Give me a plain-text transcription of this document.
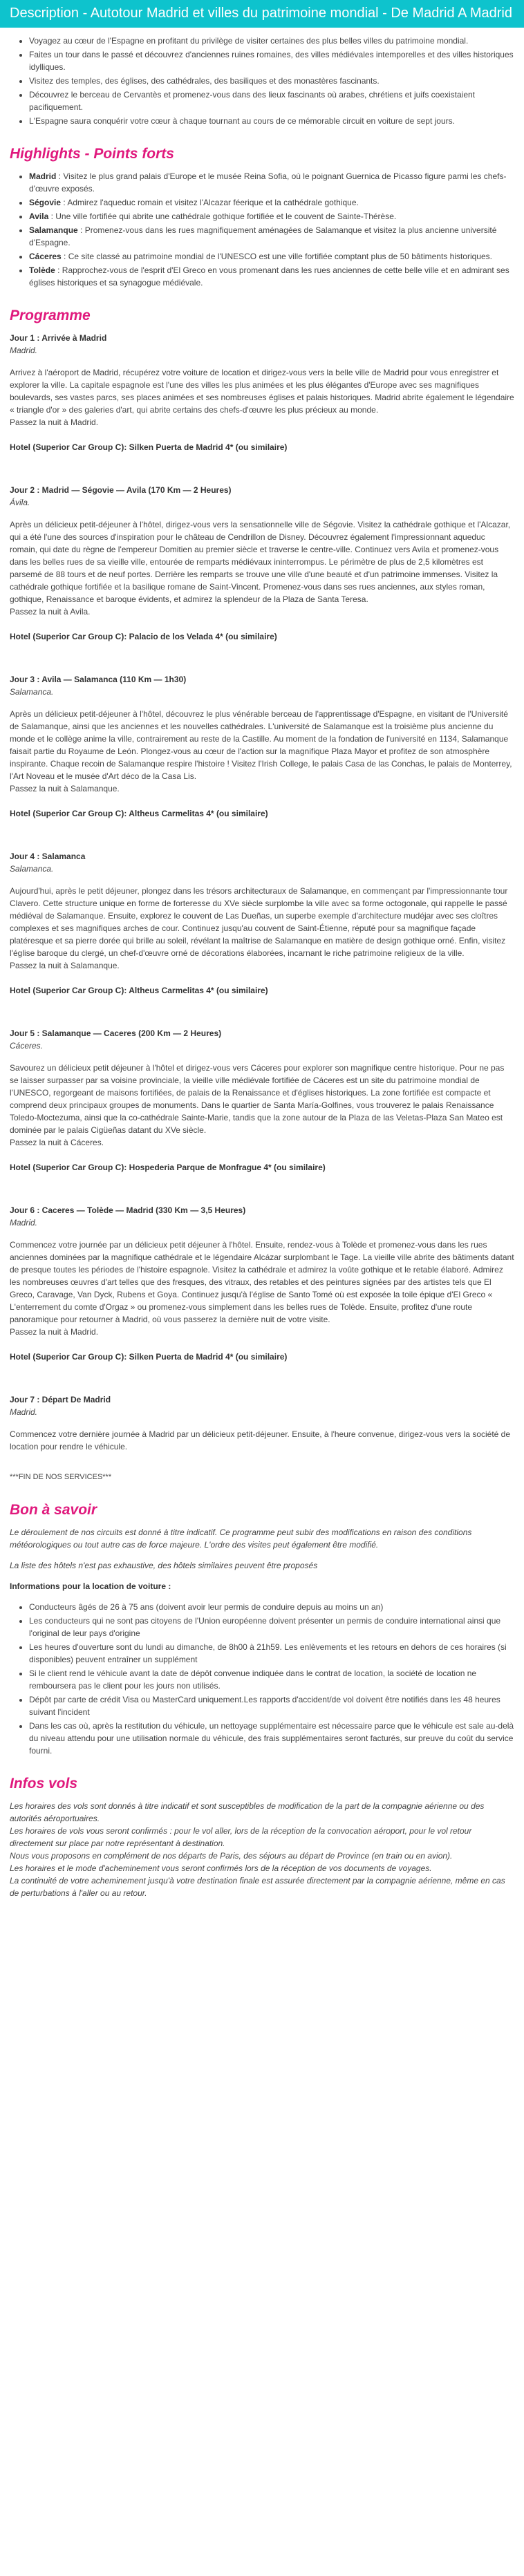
Description - Autotour Madrid et villes du patrimoine mondial - De Madrid A Madrid
• Voyagez au cœur de l'Espagne en profitant du privilège de visiter certaines des plus belles villes du patrimoine mondial.
• Faites un tour dans le passé et découvrez d'anciennes ruines romaines, des villes médiévales intemporelles et des villes historiques idylliques.
• Visitez des temples, des églises, des cathédrales, des basiliques et des monastères fascinants.
• Découvrez le berceau de Cervantès et promenez-vous dans des lieux fascinants où arabes, chrétiens et juifs coexistaient pacifiquement.
• L'Espagne saura conquérir votre cœur à chaque tournant au cours de ce mémorable circuit en voiture de sept jours.
Highlights - Points forts
• Madrid : Visitez le plus grand palais d'Europe et le musée Reina Sofia, où le poignant Guernica de Picasso figure parmi les chefs-d'œuvre exposés.
• Ségovie : Admirez l'aqueduc romain et visitez l'Alcazar féerique et la cathédrale gothique.
• Avila : Une ville fortifiée qui abrite une cathédrale gothique fortifiée et le couvent de Sainte-Thérèse.
• Salamanque : Promenez-vous dans les rues magnifiquement aménagées de Salamanque et visitez la plus ancienne université d'Espagne.
• Cáceres : Ce site classé au patrimoine mondial de l'UNESCO est une ville fortifiée comptant plus de 50 bâtiments historiques.
• Tolède : Rapprochez-vous de l'esprit d'El Greco en vous promenant dans les rues anciennes de cette belle ville et en admirant ses églises historiques et sa synagogue médiévale.
Programme

Jour 1 : Arrivée à Madrid

Madrid.

Arrivez à l'aéroport de Madrid, récupérez votre voiture de location et dirigez-vous vers la belle ville de Madrid pour vous enregistrer et explorer la ville. La capitale espagnole est l'une des villes les plus animées et les plus élégantes d'Europe avec ses magnifiques boulevards, ses vastes parcs, ses places animées et ses nombreuses églises et palais historiques. Madrid abrite également le légendaire « triangle d'or » des galeries d'art, qui abrite certains des chefs-d'œuvre les plus précieux au monde.

Passez la nuit à Madrid.

Hotel (Superior Car Group C): Silken Puerta de Madrid 4* (ou similaire)

Jour 2 : Madrid — Ségovie — Avila (170 Km — 2 Heures)

Ávila.

Après un délicieux petit-déjeuner à l'hôtel, dirigez-vous vers la sensationnelle ville de Ségovie. Visitez la cathédrale gothique et l'Alcazar, qui a été l'une des sources d'inspiration pour le château de Cendrillon de Disney. Découvrez également l'impressionnant aqueduc romain, qui date du règne de l'empereur Domitien au premier siècle et traverse le centre-ville. Continuez vers Avila et promenez-vous dans les belles rues de sa vieille ville, entourée de remparts médiévaux ininterrompus. Le périmètre de plus de 2,5 kilomètres est parsemé de 88 tours et de neuf portes. Derrière les remparts se trouve une ville d'une beauté et d'un patrimoine immenses. Visitez la cathédrale gothique fortifiée et la basilique romane de Saint-Vincent. Promenez-vous dans ses rues anciennes, aux styles roman, gothique, Renaissance et baroque évidents, et admirez la splendeur de la Plaza de Santa Teresa.

Passez la nuit à Avila.

Hotel (Superior Car Group C): Palacio de los Velada 4* (ou similaire)

Jour 3 : Avila — Salamanca (110 Km — 1h30)

Salamanca.

Après un délicieux petit-déjeuner à l'hôtel, découvrez le plus vénérable berceau de l'apprentissage d'Espagne, en visitant de l'Université de Salamanque, ainsi que les anciennes et les nouvelles cathédrales. L'université de Salamanque est la troisième plus ancienne du monde et le collège anime la ville, contrairement au reste de la Castille. Au moment de la fondation de l'université en 1134, Salamanque faisait partie du Royaume de León. Plongez-vous au cœur de l'action sur la magnifique Plaza Mayor et profitez de son atmosphère inspirante. Chaque recoin de Salamanque respire l'histoire ! Visitez l'Irish College, le palais Casa de las Conchas, le palais de Monterrey, l'Art Noveau et le musée d'Art déco de la Casa Lis.

Passez la nuit à Salamanque.

Hotel (Superior Car Group C): Altheus Carmelitas 4* (ou similaire)

Jour 4 : Salamanca

Salamanca.

Aujourd'hui, après le petit déjeuner, plongez dans les trésors architecturaux de Salamanque, en commençant par l'impressionnante tour Clavero. Cette structure unique en forme de forteresse du XVe siècle surplombe la ville avec sa forme octogonale, qui rappelle le passé médiéval de Salamanque. Ensuite, explorez le couvent de Las Dueñas, un superbe exemple d'architecture mudéjar avec ses cloîtres complexes et ses magnifiques arches de cour. Continuez jusqu'au couvent de Saint-Étienne, réputé pour sa magnifique façade platéresque et sa pierre dorée qui brille au soleil, révélant la maîtrise de Salamanque en matière de design gothique orné. Enfin, visitez l'église baroque du clergé, un chef-d'œuvre orné de décorations élaborées, incarnant le riche patrimoine religieux de la ville.

Passez la nuit à Salamanque.

Hotel (Superior Car Group C): Altheus Carmelitas 4* (ou similaire)

Jour 5 : Salamanque — Caceres (200 Km — 2 Heures)

Cáceres.

Savourez un délicieux petit déjeuner à l'hôtel et dirigez-vous vers Cáceres pour explorer son magnifique centre historique. Pour ne pas se laisser surpasser par sa voisine provinciale, la vieille ville médiévale fortifiée de Cáceres est un site du patrimoine mondial de l'UNESCO, regorgeant de maisons fortifiées, de palais de la Renaissance et d'églises historiques. La zone fortifiée est compacte et comprend deux principaux groupes de monuments. Dans le quartier de Santa María-Golfines, vous trouverez le palais Renaissance Toledo-Moctezuma, ainsi que la co-cathédrale Sainte-Marie, tandis que la zone autour de la Plaza de las Veletas-Plaza San Mateo est dominée par le palais Cigüeñas datant du XVe siècle.

Passez la nuit à Cáceres.

Hotel (Superior Car Group C): Hospederia Parque de Monfrague 4* (ou similaire)

Jour 6 : Caceres — Tolède — Madrid (330 Km — 3,5 Heures)

Madrid.

Commencez votre journée par un délicieux petit déjeuner à l'hôtel. Ensuite, rendez-vous à Tolède et promenez-vous dans les rues anciennes dominées par la magnifique cathédrale et le légendaire Alcázar surplombant le Tage. La vieille ville abrite des bâtiments datant de presque toutes les périodes de l'histoire espagnole. Visitez la cathédrale et admirez la voûte gothique et le retable élaboré. Admirez les nombreuses œuvres d'art telles que des fresques, des vitraux, des retables et des peintures signées par des artistes tels que El Greco, Caravage, Van Dyck, Rubens et Goya. Continuez jusqu'à l'église de Santo Tomé où est exposée la toile épique d'El Greco « L'enterrement du comte d'Orgaz » ou promenez-vous simplement dans les belles rues de Tolède. Ensuite, profitez d'une route panoramique pour retourner à Madrid, où vous passerez la dernière nuit de votre visite.

Passez la nuit à Madrid.

Hotel (Superior Car Group C): Silken Puerta de Madrid 4* (ou similaire)

Jour 7 : Départ De Madrid

Madrid.

Commencez votre dernière journée à Madrid par un délicieux petit-déjeuner. Ensuite, à l'heure convenue, dirigez-vous vers la société de location pour rendre le véhicule.

***FIN DE NOS SERVICES***

Bon à savoir

Le déroulement de nos circuits est donné à titre indicatif. Ce programme peut subir des modifications en raison des conditions météorologiques ou tout autre cas de force majeure. L'ordre des visites peut également être modifié.

La liste des hôtels n'est pas exhaustive, des hôtels similaires peuvent être proposés

Informations pour la location de voiture :

• Conducteurs âgés de 26 à 75 ans (doivent avoir leur permis de conduire depuis au moins un an)
• Les conducteurs qui ne sont pas citoyens de l'Union européenne doivent présenter un permis de conduire international ainsi que l'original de leur pays d'origine
• Les heures d'ouverture sont du lundi au dimanche, de 8h00 à 21h59. Les enlèvements et les retours en dehors de ces horaires (si disponibles) peuvent entraîner un supplément
• Si le client rend le véhicule avant la date de dépôt convenue indiquée dans le contrat de location, la société de location ne remboursera pas le client pour les jours non utilisés.
• Dépôt par carte de crédit Visa ou MasterCard uniquement.Les rapports d'accident/de vol doivent être notifiés dans les 48 heures suivant l'incident
• Dans les cas où, après la restitution du véhicule, un nettoyage supplémentaire est nécessaire parce que le véhicule est sale au-delà du niveau attendu pour une utilisation normale du véhicule, des frais supplémentaires seront facturés, sur preuve du coût du service fourni.
Infos vols
Les horaires des vols sont donnés à titre indicatif et sont susceptibles de modification de la part de la compagnie aérienne ou des autorités aéroportuaires.
Les horaires de vols vous seront confirmés : pour le vol aller, lors de la réception de la convocation aéroport, pour le vol retour directement sur place par notre représentant à destination.
Nous vous proposons en complément de nos départs de Paris, des séjours au départ de Province (en train ou en avion).
Les horaires et le mode d'acheminement vous seront confirmés lors de la réception de vos documents de voyages.
La continuité de votre acheminement jusqu'à votre destination finale est assurée directement par la compagnie aérienne, même en cas de perturbations à l'aller ou au retour.
